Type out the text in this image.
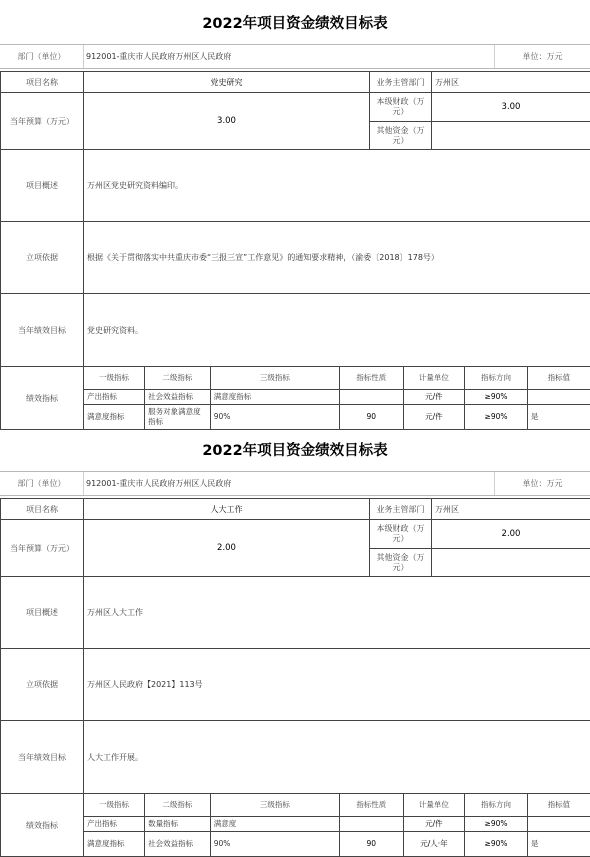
2022年项目资金绩效目标表
部门（单位）	912001-重庆市人民政府万州区人民政府	单位：万元
项目名称	党史研究	业务主管部门	万州区
当年预算（万元）	3.00	本级财政（万元）	3.00
其他资金（万元）	
项目概述	万州区党史研究资料编印。
立项依据	根据《关于贯彻落实中共重庆市委“三报三宣”工作意见》的通知要求精神，（渝委〔2018〕178号）
当年绩效目标	党史研究资料。
绩效指标	
一级指标	二级指标	三级指标	指标性质	计量单位	指标方向	指标值
产出指标	社会效益指标	满意度指标		元/件	≥90%	
满意度指标	服务对象满意度指标	90%	90	元/件	≥90%	是
2022年项目资金绩效目标表
部门（单位）	912001-重庆市人民政府万州区人民政府	单位：万元
项目名称	人大工作	业务主管部门	万州区
当年预算（万元）	2.00	本级财政（万元）	2.00
其他资金（万元）	
项目概述	万州区人大工作
立项依据	万州区人民政府【2021】113号
当年绩效目标	人大工作开展。
绩效指标	
一级指标	二级指标	三级指标	指标性质	计量单位	指标方向	指标值
产出指标	数量指标	满意度		元/件	≥90%	
满意度指标	社会效益指标	90%	90	元/人·年	≥90%	是
